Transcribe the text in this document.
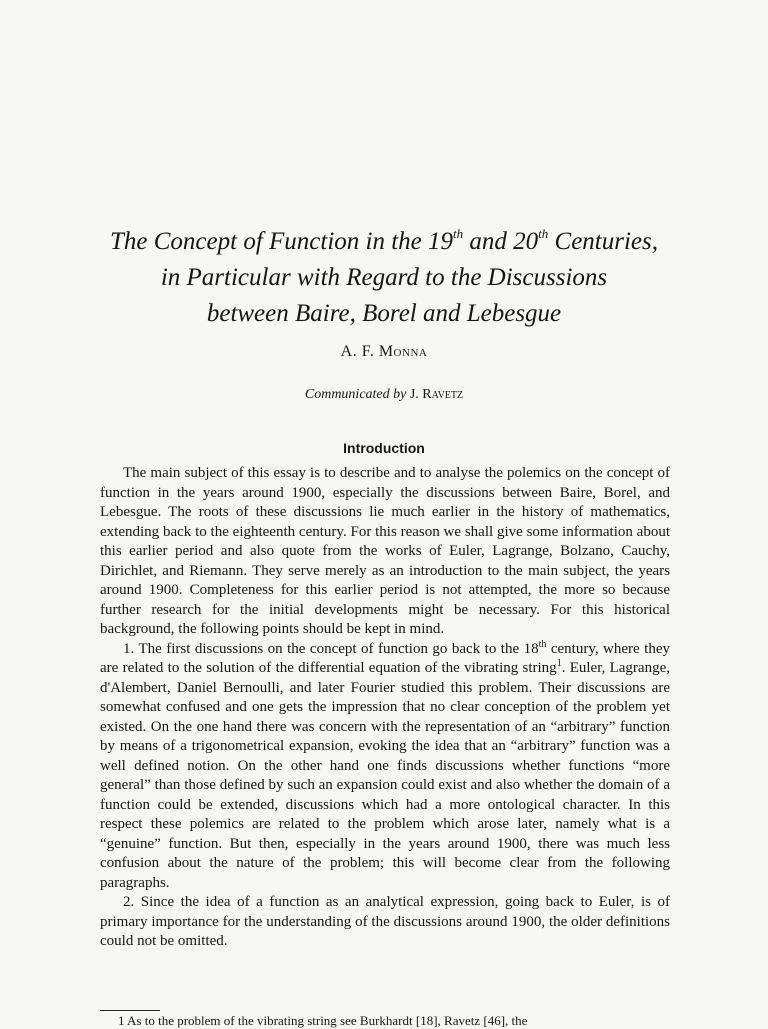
The Concept of Function in the 19th and 20th Centuries,
in Particular with Regard to the Discussions
between Baire, Borel and Lebesgue
A. F. Monna
Communicated by J. Ravetz
Introduction

The main subject of this essay is to describe and to analyse the polemics on the concept of function in the years around 1900, especially the discussions between Baire, Borel, and Lebesgue. The roots of these discussions lie much earlier in the history of mathematics, extending back to the eighteenth century. For this reason we shall give some information about this earlier period and also quote from the works of Euler, Lagrange, Bolzano, Cauchy, Dirichlet, and Riemann. They serve merely as an introduction to the main subject, the years around 1900. Completeness for this earlier period is not attempted, the more so because further research for the initial developments might be necessary. For this historical background, the following points should be kept in mind.

1. The first discussions on the concept of function go back to the 18th century, where they are related to the solution of the differential equation of the vibrating string$^1$. Euler, Lagrange, d'Alembert, Daniel Bernoulli, and later Fourier studied this problem. Their discussions are somewhat confused and one gets the impression that no clear conception of the problem yet existed. On the one hand there was concern with the representation of an “arbitrary” function by means of a trigonometrical expansion, evoking the idea that an “arbitrary” function was a well defined notion. On the other hand one finds discussions whether functions “more general” than those defined by such an expansion could exist and also whether the domain of a function could be extended, discussions which had a more ontological character. In this respect these polemics are related to the problem which arose later, namely what is a “genuine” function. But then, especially in the years around 1900, there was much less confusion about the nature of the problem; this will become clear from the following paragraphs.

2. Since the idea of a function as an analytical expression, going back to Euler, is of primary importance for the understanding of the discussions around 1900, the older definitions could not be omitted.

1 As to the problem of the vibrating string see Burkhardt [18], Ravetz [46], the
